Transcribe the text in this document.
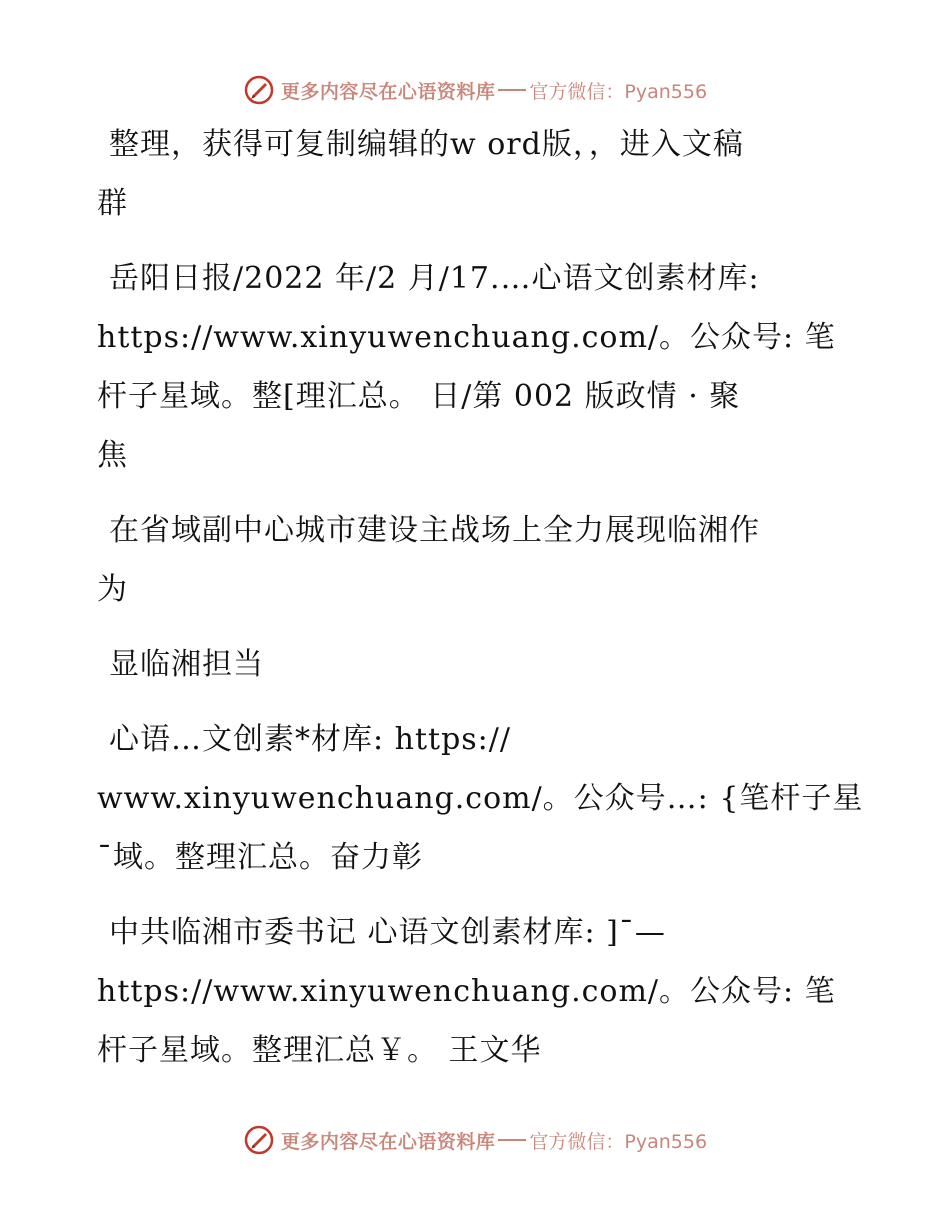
更多内容尽在心语资料库 官方微信：Pyan556
整理，获得可复制编辑的w ord版，，进入文稿
群
岳阳日报/2022 年/2 月/17.…心语文创素材库:
https://www.xinyuwenchuang.com/。公众号: 笔
杆子星域。整[理汇总。 日/第 002 版政情 · 聚
焦
在省域副中心城市建设主战场上全力展现临湘作
为
显临湘担当
心语…文创素*材库: https://
www.xinyuwenchuang.com/。公众号…: {笔杆子星
¯域。整理汇总。奋力彰
中共临湘市委书记 心语文创素材库: ]¯—
https://www.xinyuwenchuang.com/。公众号: 笔
杆子星域。整理汇总￥。 王文华
更多内容尽在心语资料库 官方微信：Pyan556
